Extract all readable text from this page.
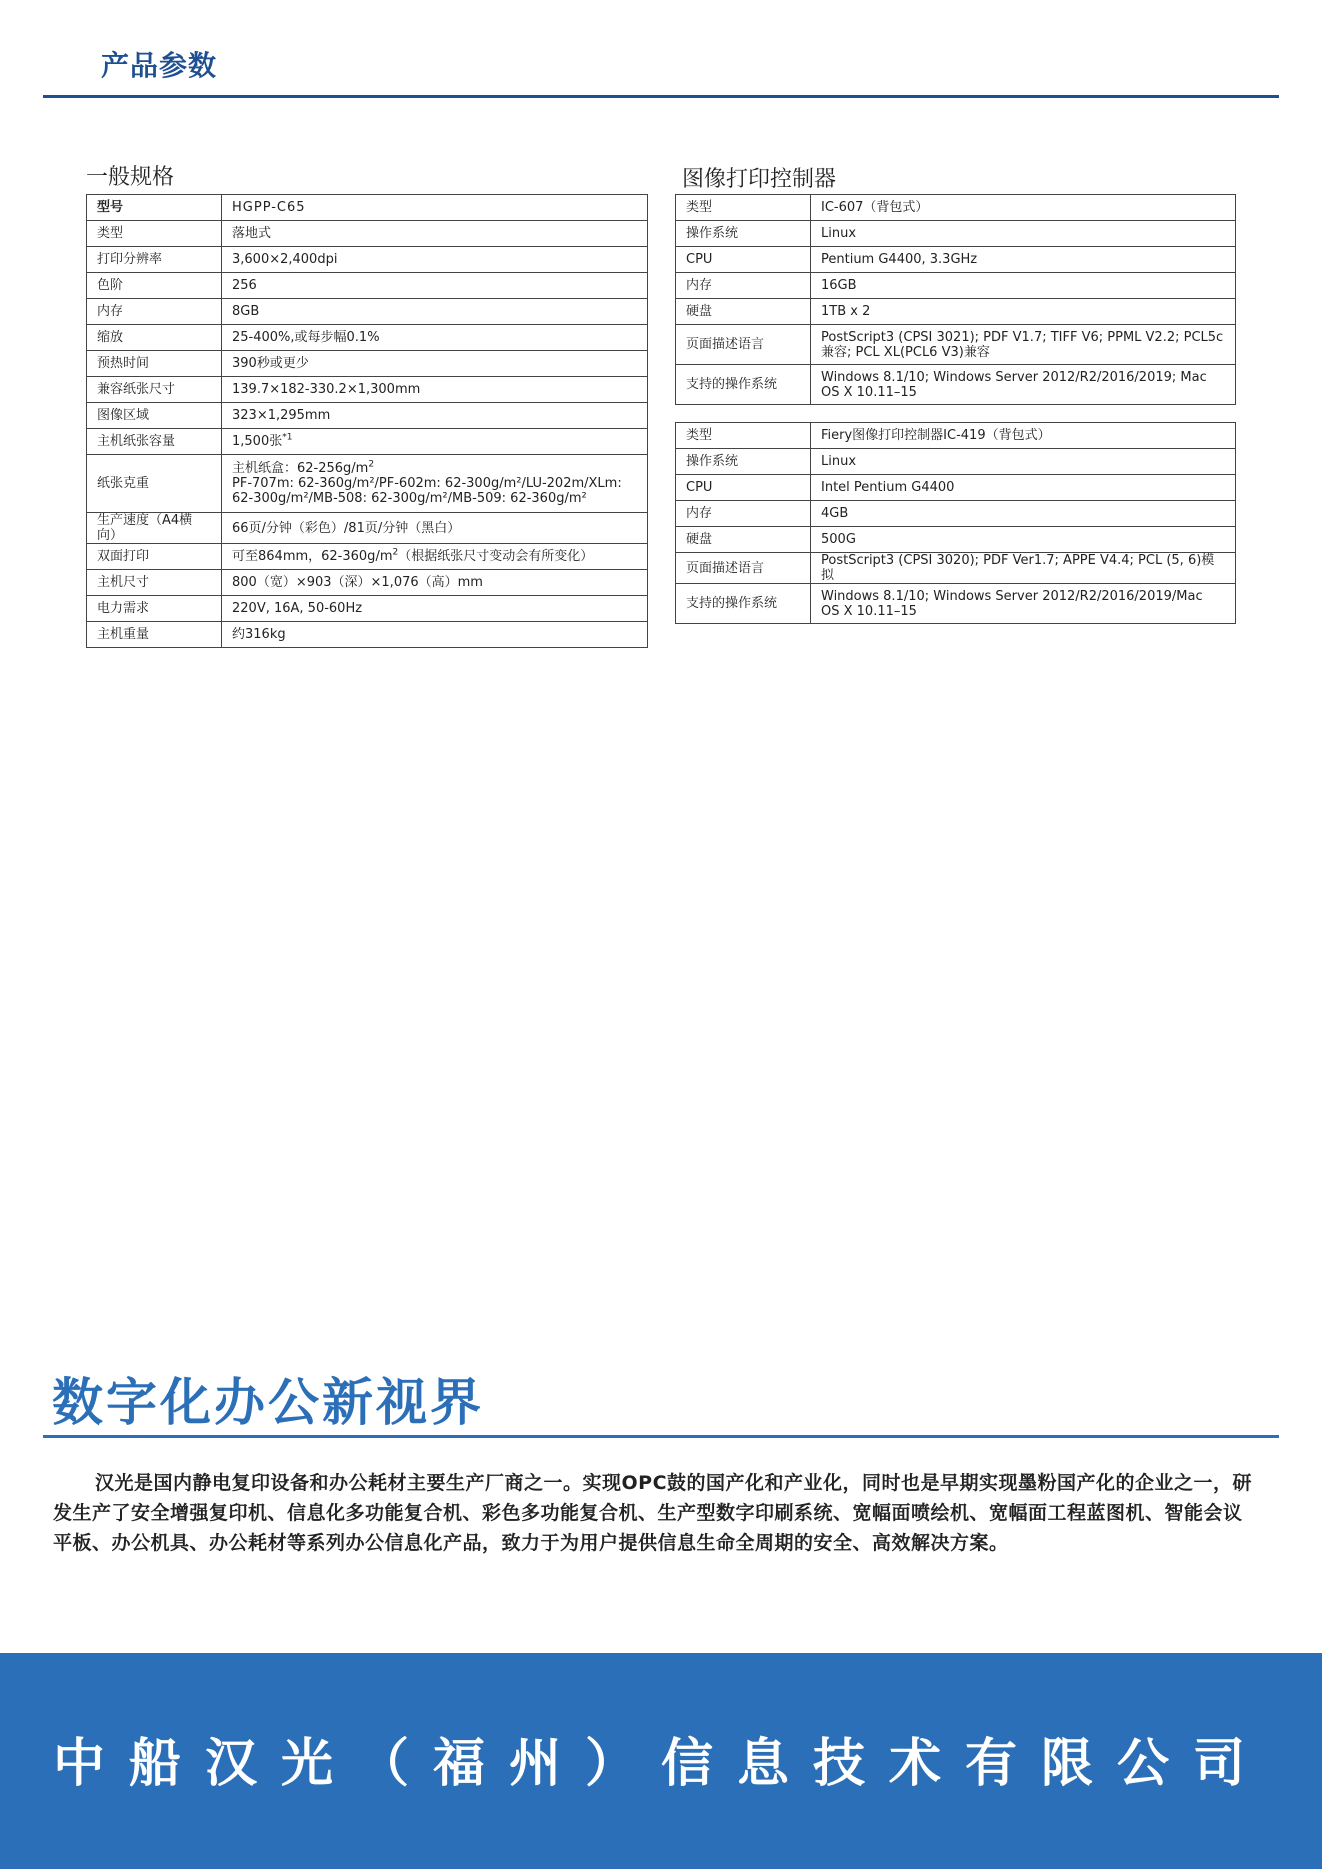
产品参数
一般规格	图像打印控制器
型号	HGPP-C65
类型	落地式
打印分辨率	3,600×2,400dpi
色阶	256
内存	8GB
缩放	25-400%,或每步幅0.1%
预热时间	390秒或更少
兼容纸张尺寸	139.7×182-330.2×1,300mm
图像区域	323×1,295mm
主机纸张容量	1,500张$^{*1}$
纸张克重	主机纸盒：$62-256g/m^2$
PF-707m: 62-360g/m²/PF-602m: 62-300g/m²/LU-202m/XLm:
62-300g/m²/MB-508: 62-300g/m²/MB-509: 62-360g/m²

生产速度（A4横向）	66页/分钟（彩色）/81页/分钟（黑白）
双面打印	可至864mm，$62-360g/m^2$（根据纸张尺寸变动会有所变化）
主机尺寸	800（宽）×903（深）×1,076（高）mm
电力需求	220V, 16A, 50-60Hz
主机重量	约316kg
类型	IC-607（背包式）
操作系统	Linux
CPU	Pentium G4400, 3.3GHz
内存	16GB
硬盘	1TB x 2
页面描述语言	PostScript3 (CPSI 3021); PDF V1.7; TIFF V6; PPML V2.2; PCL5c兼容; PCL XL(PCL6 V3)兼容
支持的操作系统	Windows 8.1/10; Windows Server 2012/R2/2016/2019; Mac OS X 10.11–15
类型	Fiery图像打印控制器IC-419（背包式）
操作系统	Linux
CPU	Intel Pentium G4400
内存	4GB
硬盘	500G
页面描述语言	PostScript3 (CPSI 3020); PDF Ver1.7; APPE V4.4; PCL (5, 6)模拟
支持的操作系统	Windows 8.1/10; Windows Server 2012/R2/2016/2019/Mac OS X 10.11–15
数字化办公新视界

汉光是国内静电复印设备和办公耗材主要生产厂商之一。实现OPC鼓的国产化和产业化，同时也是早期实现墨粉国产化的企业之一，研发生产了安全增强复印机、信息化多功能复合机、彩色多功能复合机、生产型数字印刷系统、宽幅面喷绘机、宽幅面工程蓝图机、智能会议平板、办公机具、办公耗材等系列办公信息化产品，致力于为用户提供信息生命全周期的安全、高效解决方案。

中船汉光（福州）信息技术有限公司
